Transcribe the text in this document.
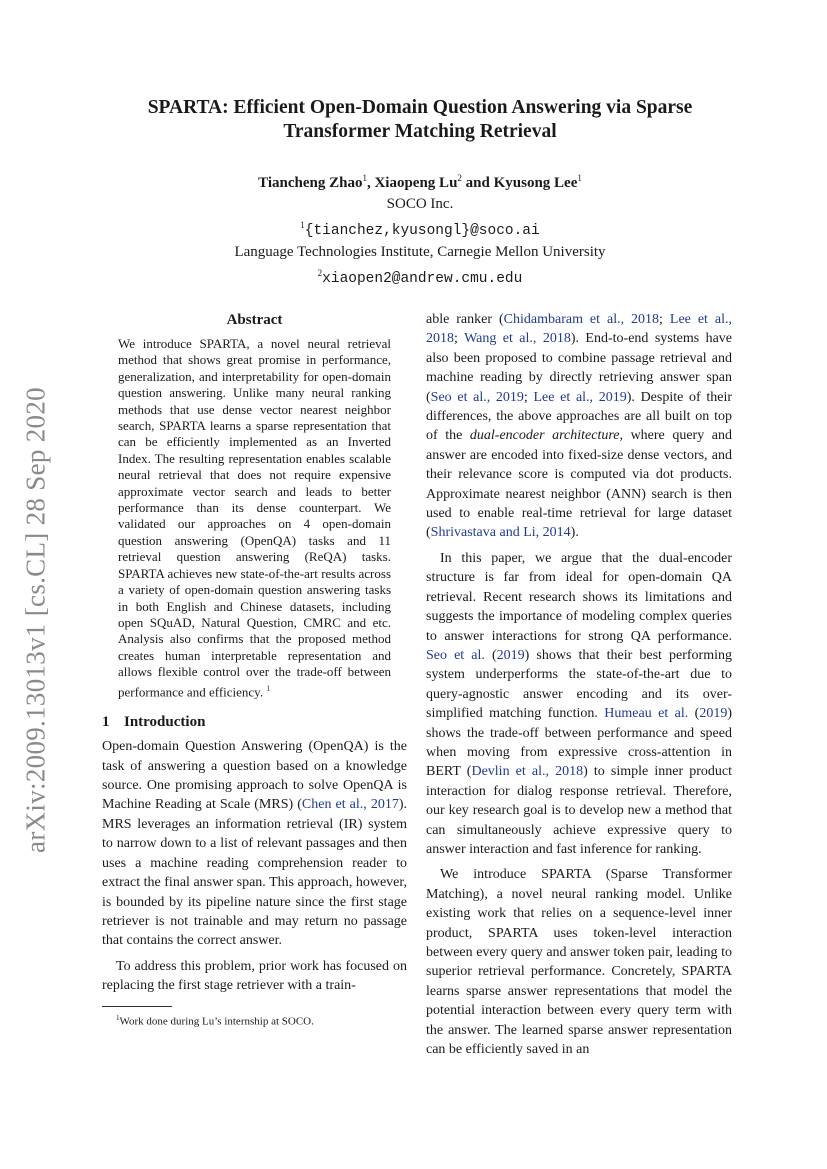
arXiv:2009.13013v1 [cs.CL] 28 Sep 2020
SPARTA: Efficient Open-Domain Question Answering via Sparse
Transformer Matching Retrieval
Tiancheng Zhao$^1$, Xiaopeng Lu$^2$ and Kyusong Lee$^1$
SOCO Inc.
$^1${tianchez,kyusongl}@soco.ai
Language Technologies Institute, Carnegie Mellon University
$^2$xiaopen2@andrew.cmu.edu
Abstract
We introduce SPARTA, a novel neural retrieval method that shows great promise in performance, generalization, and interpretability for open-domain question answering. Unlike many neural ranking methods that use dense vector nearest neighbor search, SPARTA learns a sparse representation that can be efficiently implemented as an Inverted Index. The resulting representation enables scalable neural retrieval that does not require expensive approximate vector search and leads to better performance than its dense counterpart. We validated our approaches on 4 open-domain question answering (OpenQA) tasks and 11 retrieval question answering (ReQA) tasks. SPARTA achieves new state-of-the-art results across a variety of open-domain question answering tasks in both English and Chinese datasets, including open SQuAD, Natural Question, CMRC and etc. Analysis also confirms that the proposed method creates human interpretable representation and allows flexible control over the trade-off between performance and efficiency. $^1$
1 Introduction

Open-domain Question Answering (OpenQA) is the task of answering a question based on a knowledge source. One promising approach to solve OpenQA is Machine Reading at Scale (MRS) (Chen et al., 2017). MRS leverages an information retrieval (IR) system to narrow down to a list of relevant passages and then uses a machine reading comprehension reader to extract the final answer span. This approach, however, is bounded by its pipeline nature since the first stage retriever is not trainable and may return no passage that contains the correct answer.

To address this problem, prior work has focused on replacing the first stage retriever with a train-

$^1$Work done during Lu’s internship at SOCO.

able ranker (Chidambaram et al., 2018; Lee et al., 2018; Wang et al., 2018). End-to-end systems have also been proposed to combine passage retrieval and machine reading by directly retrieving answer span (Seo et al., 2019; Lee et al., 2019). Despite of their differences, the above approaches are all built on top of the dual-encoder architecture, where query and answer are encoded into fixed-size dense vectors, and their relevance score is computed via dot products. Approximate nearest neighbor (ANN) search is then used to enable real-time retrieval for large dataset (Shrivastava and Li, 2014).

In this paper, we argue that the dual-encoder structure is far from ideal for open-domain QA retrieval. Recent research shows its limitations and suggests the importance of modeling complex queries to answer interactions for strong QA performance. Seo et al. (2019) shows that their best performing system underperforms the state-of-the-art due to query-agnostic answer encoding and its over-simplified matching function. Humeau et al. (2019) shows the trade-off between performance and speed when moving from expressive cross-attention in BERT (Devlin et al., 2018) to simple inner product interaction for dialog response retrieval. Therefore, our key research goal is to develop new a method that can simultaneously achieve expressive query to answer interaction and fast inference for ranking.

We introduce SPARTA (Sparse Transformer Matching), a novel neural ranking model. Unlike existing work that relies on a sequence-level inner product, SPARTA uses token-level interaction between every query and answer token pair, leading to superior retrieval performance. Concretely, SPARTA learns sparse answer representations that model the potential interaction between every query term with the answer. The learned sparse answer representation can be efficiently saved in an
